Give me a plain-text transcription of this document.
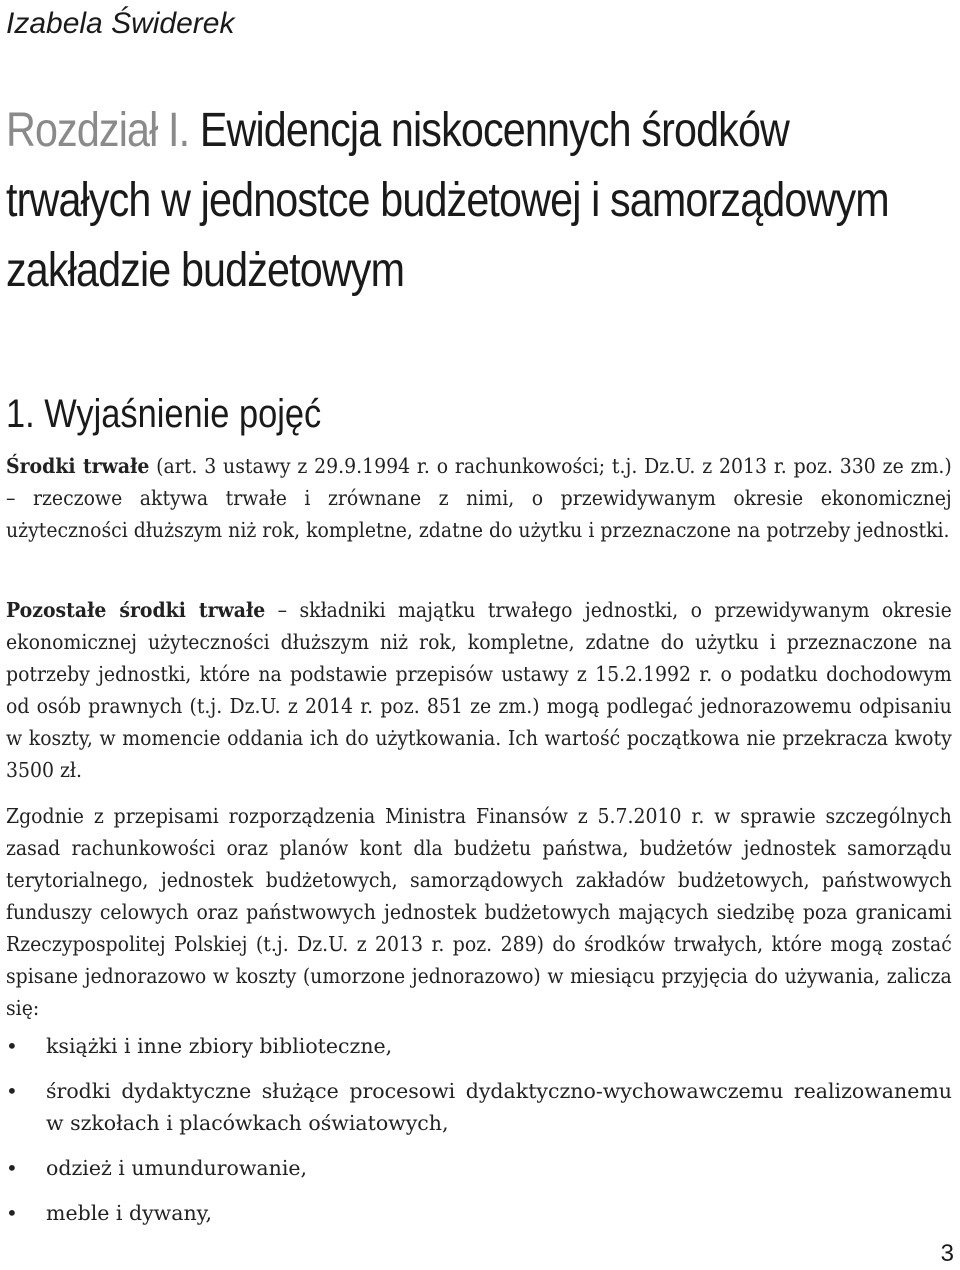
Izabela Świderek
Rozdział I. Ewidencja niskocennych środków trwałych w jednostce budżetowej i samorządowym zakładzie budżetowym
1. Wyjaśnienie pojęć

Środki trwałe (art. 3 ustawy z 29.9.1994 r. o rachunkowości; t.j. Dz.U. z 2013 r. poz. 330 ze zm.) – rzeczowe aktywa trwałe i zrównane z nimi, o przewidywanym okresie ekonomicznej użyteczności dłuższym niż rok, kompletne, zdatne do użytku i przeznaczone na potrzeby jednostki.

Pozostałe środki trwałe – składniki majątku trwałego jednostki, o przewidywanym okresie ekonomicznej użyteczności dłuższym niż rok, kompletne, zdatne do użytku i przeznaczone na potrzeby jednostki, które na podstawie przepisów ustawy z 15.2.1992 r. o podatku dochodowym od osób prawnych (t.j. Dz.U. z 2014 r. poz. 851 ze zm.) mogą podlegać jednorazowemu odpisaniu w koszty, w momencie oddania ich do użytkowania. Ich wartość początkowa nie przekracza kwoty 3500 zł.

Zgodnie z przepisami rozporządzenia Ministra Finansów z 5.7.2010 r. w sprawie szczególnych zasad rachunkowości oraz planów kont dla budżetu państwa, budżetów jednostek samorządu terytorialnego, jednostek budżetowych, samorządowych zakładów budżetowych, państwowych funduszy celowych oraz państwowych jednostek budżetowych mających siedzibę poza granicami Rzeczypospolitej Polskiej (t.j. Dz.U. z 2013 r. poz. 289) do środków trwałych, które mogą zostać spisane jednorazowo w koszty (umorzone jednorazowo) w miesiącu przyjęcia do używania, zalicza się:

• książki i inne zbiory biblioteczne,
• środki dydaktyczne służące procesowi dydaktyczno-wychowawczemu realizowanemu w szkołach i placówkach oświatowych,
• odzież i umundurowanie,
• meble i dywany,
3
